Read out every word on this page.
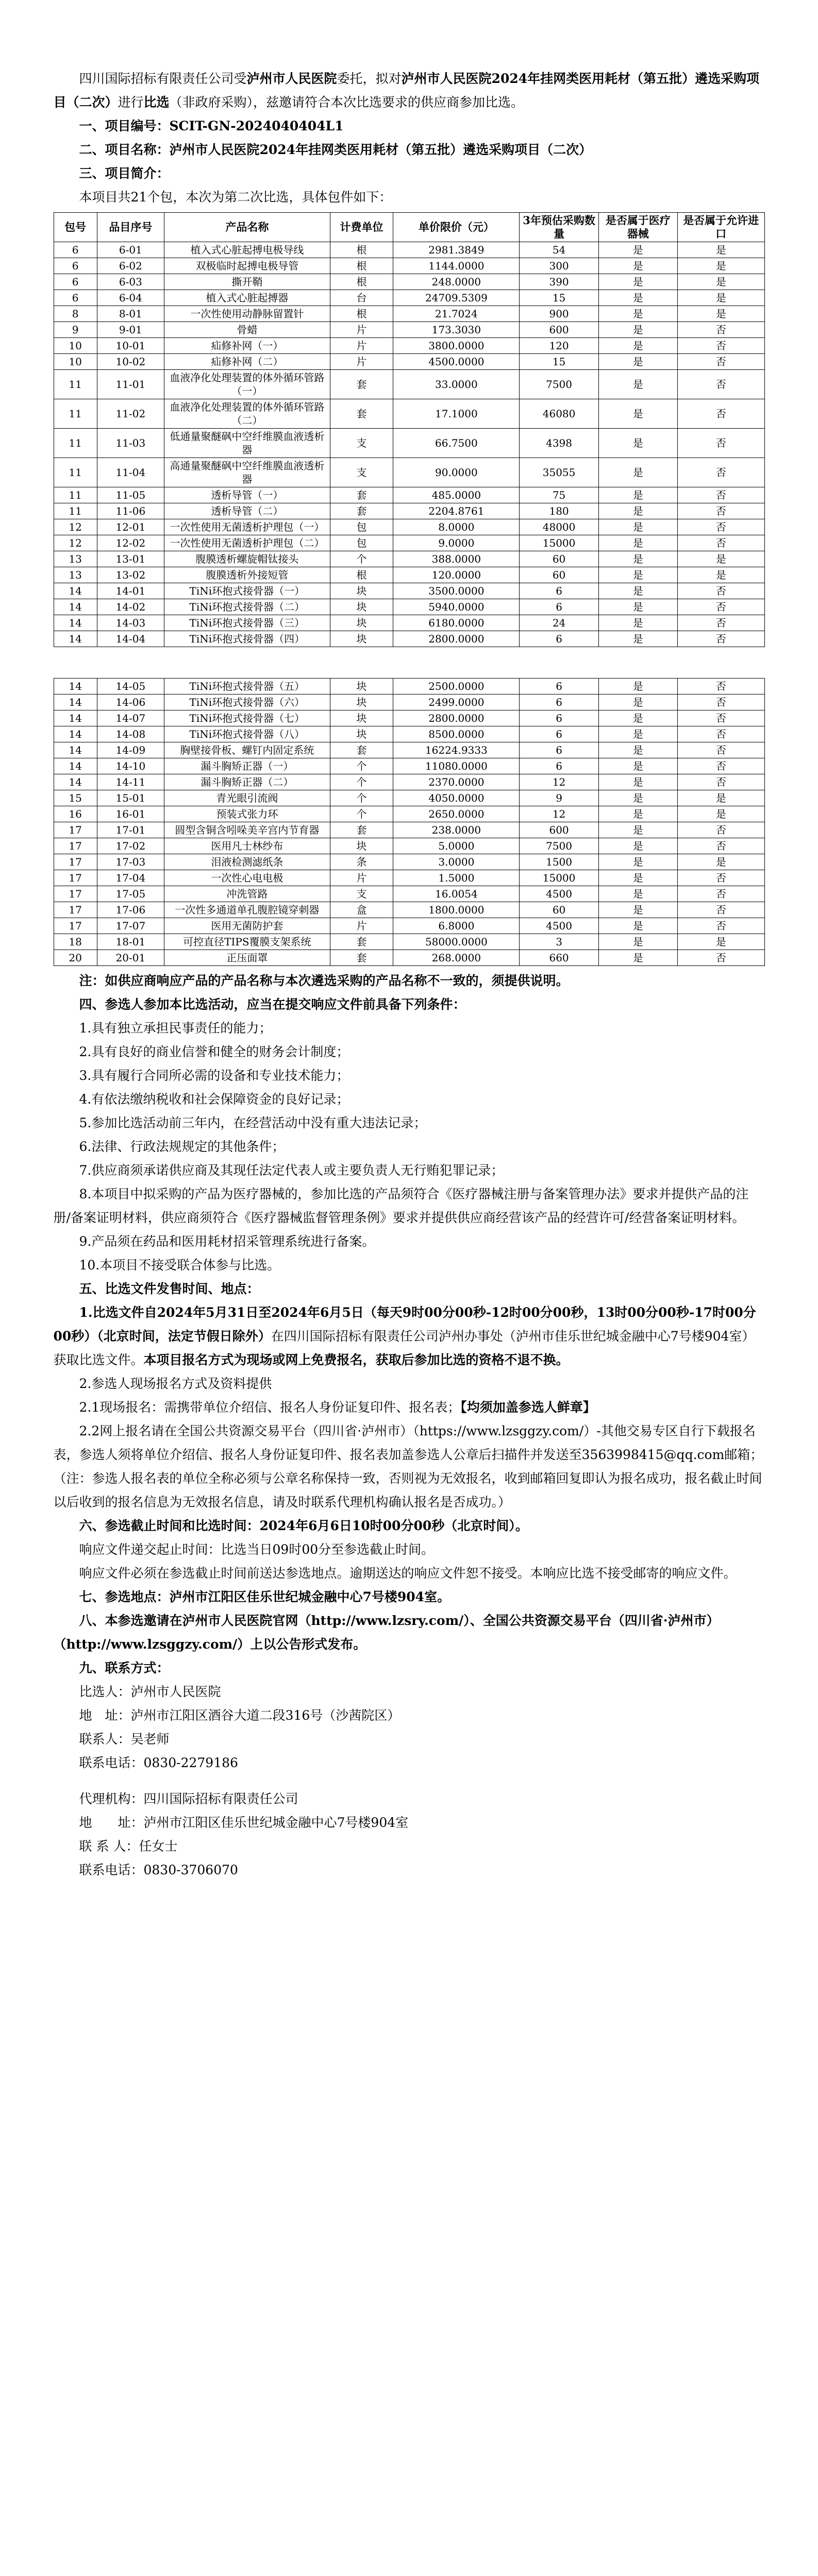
四川国际招标有限责任公司受泸州市人民医院委托，拟对泸州市人民医院2024年挂网类医用耗材（第五批）遴选采购项目（二次）进行比选（非政府采购），兹邀请符合本次比选要求的供应商参加比选。

一、项目编号：SCIT-GN-2024040404L1

二、项目名称：泸州市人民医院2024年挂网类医用耗材（第五批）遴选采购项目（二次）

三、项目简介：

本项目共21个包，本次为第二次比选，具体包件如下：

包号	品目序号	产品名称	计费单位	单价限价（元）	3年预估采购数量	是否属于医疗器械	是否属于允许进口
6	6-01	植入式心脏起搏电极导线	根	2981.3849	54	是	是
6	6-02	双极临时起搏电极导管	根	1144.0000	300	是	是
6	6-03	撕开鞘	根	248.0000	390	是	是
6	6-04	植入式心脏起搏器	台	24709.5309	15	是	是
8	8-01	一次性使用动静脉留置针	根	21.7024	900	是	是
9	9-01	骨蜡	片	173.3030	600	是	否
10	10-01	疝修补网（一）	片	3800.0000	120	是	否
10	10-02	疝修补网（二）	片	4500.0000	15	是	否
11	11-01	血液净化处理装置的体外循环管路（一）	套	33.0000	7500	是	否
11	11-02	血液净化处理装置的体外循环管路（二）	套	17.1000	46080	是	否
11	11-03	低通量聚醚砜中空纤维膜血液透析器	支	66.7500	4398	是	否
11	11-04	高通量聚醚砜中空纤维膜血液透析器	支	90.0000	35055	是	否
11	11-05	透析导管（一）	套	485.0000	75	是	否
11	11-06	透析导管（二）	套	2204.8761	180	是	否
12	12-01	一次性使用无菌透析护理包（一）	包	8.0000	48000	是	否
12	12-02	一次性使用无菌透析护理包（二）	包	9.0000	15000	是	否
13	13-01	腹膜透析螺旋帽钛接头	个	388.0000	60	是	是
13	13-02	腹膜透析外接短管	根	120.0000	60	是	是
14	14-01	TiNi环抱式接骨器（一）	块	3500.0000	6	是	否
14	14-02	TiNi环抱式接骨器（二）	块	5940.0000	6	是	否
14	14-03	TiNi环抱式接骨器（三）	块	6180.0000	24	是	否
14	14-04	TiNi环抱式接骨器（四）	块	2800.0000	6	是	否
14	14-05	TiNi环抱式接骨器（五）	块	2500.0000	6	是	否
14	14-06	TiNi环抱式接骨器（六）	块	2499.0000	6	是	否
14	14-07	TiNi环抱式接骨器（七）	块	2800.0000	6	是	否
14	14-08	TiNi环抱式接骨器（八）	块	8500.0000	6	是	否
14	14-09	胸壁接骨板、螺钉内固定系统	套	16224.9333	6	是	否
14	14-10	漏斗胸矫正器（一）	个	11080.0000	6	是	否
14	14-11	漏斗胸矫正器（二）	个	2370.0000	12	是	否
15	15-01	青光眼引流阀	个	4050.0000	9	是	是
16	16-01	预装式张力环	个	2650.0000	12	是	是
17	17-01	圆型含铜含吲哚美辛宫内节育器	套	238.0000	600	是	否
17	17-02	医用凡士林纱布	块	5.0000	7500	是	否
17	17-03	泪液检测滤纸条	条	3.0000	1500	是	是
17	17-04	一次性心电电极	片	1.5000	15000	是	否
17	17-05	冲洗管路	支	16.0054	4500	是	否
17	17-06	一次性多通道单孔腹腔镜穿刺器	盒	1800.0000	60	是	否
17	17-07	医用无菌防护套	片	6.8000	4500	是	否
18	18-01	可控直径TIPS覆膜支架系统	套	58000.0000	3	是	是
20	20-01	正压面罩	套	268.0000	660	是	否

注：如供应商响应产品的产品名称与本次遴选采购的产品名称不一致的，须提供说明。

四、参选人参加本比选活动，应当在提交响应文件前具备下列条件：

1.具有独立承担民事责任的能力；

2.具有良好的商业信誉和健全的财务会计制度；

3.具有履行合同所必需的设备和专业技术能力；

4.有依法缴纳税收和社会保障资金的良好记录；

5.参加比选活动前三年内，在经营活动中没有重大违法记录；

6.法律、行政法规规定的其他条件；

7.供应商须承诺供应商及其现任法定代表人或主要负责人无行贿犯罪记录；

8.本项目中拟采购的产品为医疗器械的，参加比选的产品须符合《医疗器械注册与备案管理办法》要求并提供产品的注册/备案证明材料，供应商须符合《医疗器械监督管理条例》要求并提供供应商经营该产品的经营许可/经营备案证明材料。

9.产品须在药品和医用耗材招采管理系统进行备案。

10.本项目不接受联合体参与比选。

五、比选文件发售时间、地点：

1.比选文件自2024年5月31日至2024年6月5日（每天9时00分00秒-12时00分00秒，13时00分00秒-17时00分00秒）（北京时间，法定节假日除外）在四川国际招标有限责任公司泸州办事处（泸州市佳乐世纪城金融中心7号楼904室）获取比选文件。本项目报名方式为现场或网上免费报名，获取后参加比选的资格不退不换。

2.参选人现场报名方式及资料提供

2.1现场报名：需携带单位介绍信、报名人身份证复印件、报名表；【均须加盖参选人鲜章】

2.2网上报名请在全国公共资源交易平台（四川省·泸州市）（https://www.lzsggzy.com/）-其他交易专区自行下载报名表，参选人须将单位介绍信、报名人身份证复印件、报名表加盖参选人公章后扫描件并发送至3563998415@qq.com邮箱；（注：参选人报名表的单位全称必须与公章名称保持一致，否则视为无效报名，收到邮箱回复即认为报名成功，报名截止时间以后收到的报名信息为无效报名信息，请及时联系代理机构确认报名是否成功。）

六、参选截止时间和比选时间：2024年6月6日10时00分00秒（北京时间）。

响应文件递交起止时间：比选当日09时00分至参选截止时间。

响应文件必须在参选截止时间前送达参选地点。逾期送达的响应文件恕不接受。本响应比选不接受邮寄的响应文件。

七、参选地点：泸州市江阳区佳乐世纪城金融中心7号楼904室。

八、本参选邀请在泸州市人民医院官网（http://www.lzsry.com/）、全国公共资源交易平台（四川省·泸州市）（http://www.lzsggzy.com/）上以公告形式发布。

九、联系方式：

比选人：泸州市人民医院

地　址：泸州市江阳区酒谷大道二段316号（沙茜院区）

联系人：吴老师

联系电话：0830-2279186

代理机构：四川国际招标有限责任公司

地　　址：泸州市江阳区佳乐世纪城金融中心7号楼904室

联 系 人：任女士

联系电话：0830-3706070
